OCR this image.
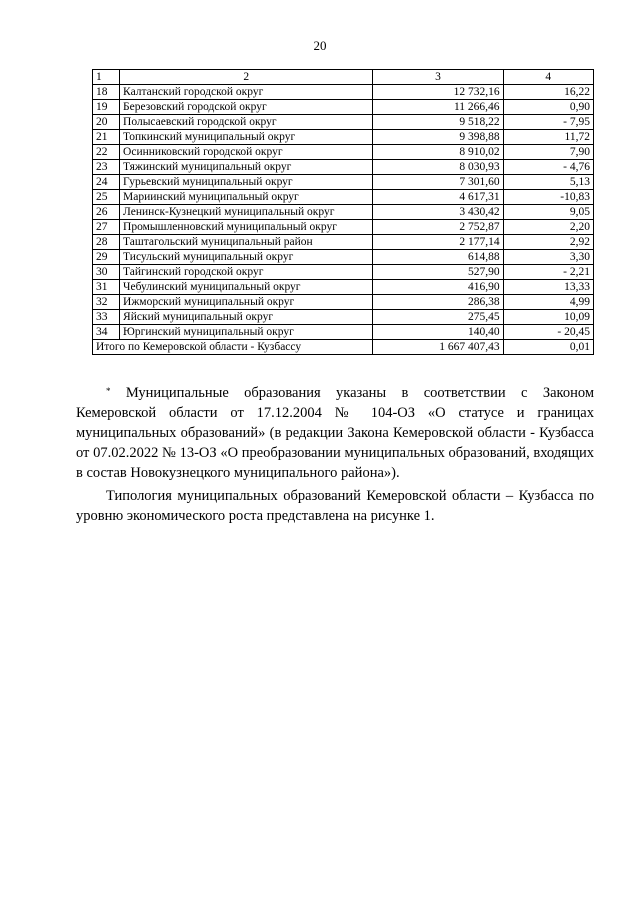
20
1	2	3	4
18	Калтанский городской округ	12 732,16	16,22
19	Березовский городской округ	11 266,46	0,90
20	Полысаевский городской округ	9 518,22	- 7,95
21	Топкинский муниципальный округ	9 398,88	11,72
22	Осинниковский городской округ	8 910,02	7,90
23	Тяжинский муниципальный округ	8 030,93	- 4,76
24	Гурьевский муниципальный округ	7 301,60	5,13
25	Мариинский муниципальный округ	4 617,31	-10,83
26	Ленинск-Кузнецкий муниципальный округ	3 430,42	9,05
27	Промышленновский муниципальный округ	2 752,87	2,20
28	Таштагольский муниципальный район	2 177,14	2,92
29	Тисульский муниципальный округ	614,88	3,30
30	Тайгинский городской округ	527,90	- 2,21
31	Чебулинский муниципальный округ	416,90	13,33
32	Ижморский муниципальный округ	286,38	4,99
33	Яйский муниципальный округ	275,45	10,09
34	Юргинский муниципальный округ	140,40	- 20,45
Итого по Кемеровской области - Кузбассу		1 667 407,43	0,01
* Муниципальные образования указаны в соответствии с Законом Кемеровской области от 17.12.2004 № 104-ОЗ «О статусе и границах муниципальных образований» (в редакции Закона Кемеровской области - Кузбасса от 07.02.2022 № 13-ОЗ «О преобразовании муниципальных образований, входящих в состав Новокузнецкого муниципального района»).
Типология муниципальных образований Кемеровской области – Кузбасса по уровню экономического роста представлена на рисунке 1.
